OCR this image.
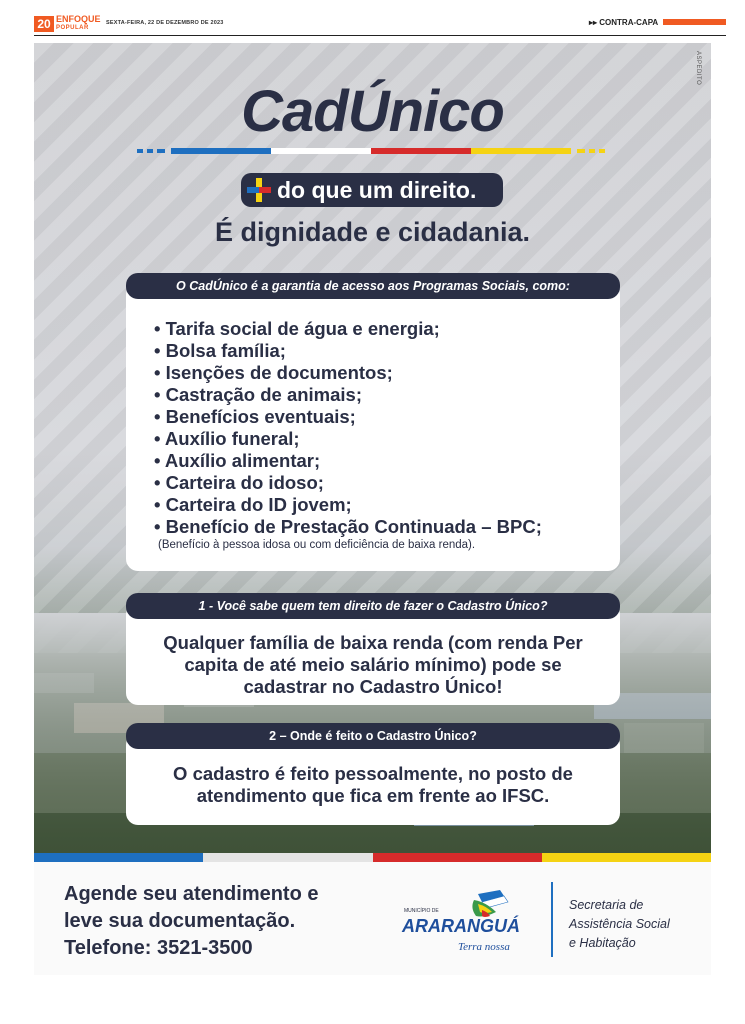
20 ENFOQUE
POPULAR
SEXTA-FEIRA, 22 DE DEZEMBRO DE 2023	▸▸ CONTRA-CAPA
ASPEDITO
CadÚnico
do que um direito.
É dignidade e cidadania.
O CadÚnico é a garantia de acesso aos Programas Sociais, como:
• Tarifa social de água e energia;
• Bolsa família;
• Isenções de documentos;
• Castração de animais;
• Benefícios eventuais;
• Auxílio funeral;
• Auxílio alimentar;
• Carteira do idoso;
• Carteira do ID jovem;
• Benefício de Prestação Continuada – BPC;
(Benefício à pessoa idosa ou com deficiência de baixa renda).
1 - Você sabe quem tem direito de fazer o Cadastro Único?
Qualquer família de baixa renda (com renda Per
capita de até meio salário mínimo) pode se
cadastrar no Cadastro Único!
2 – Onde é feito o Cadastro Único?
O cadastro é feito pessoalmente, no posto de
atendimento que fica em frente ao IFSC.
Agende seu atendimento e
leve sua documentação.
Telefone: 3521-3500
MUNICÍPIO DE
ARARANGUÁ
Terra nossa
Secretaria de
Assistência Social
e Habitação
